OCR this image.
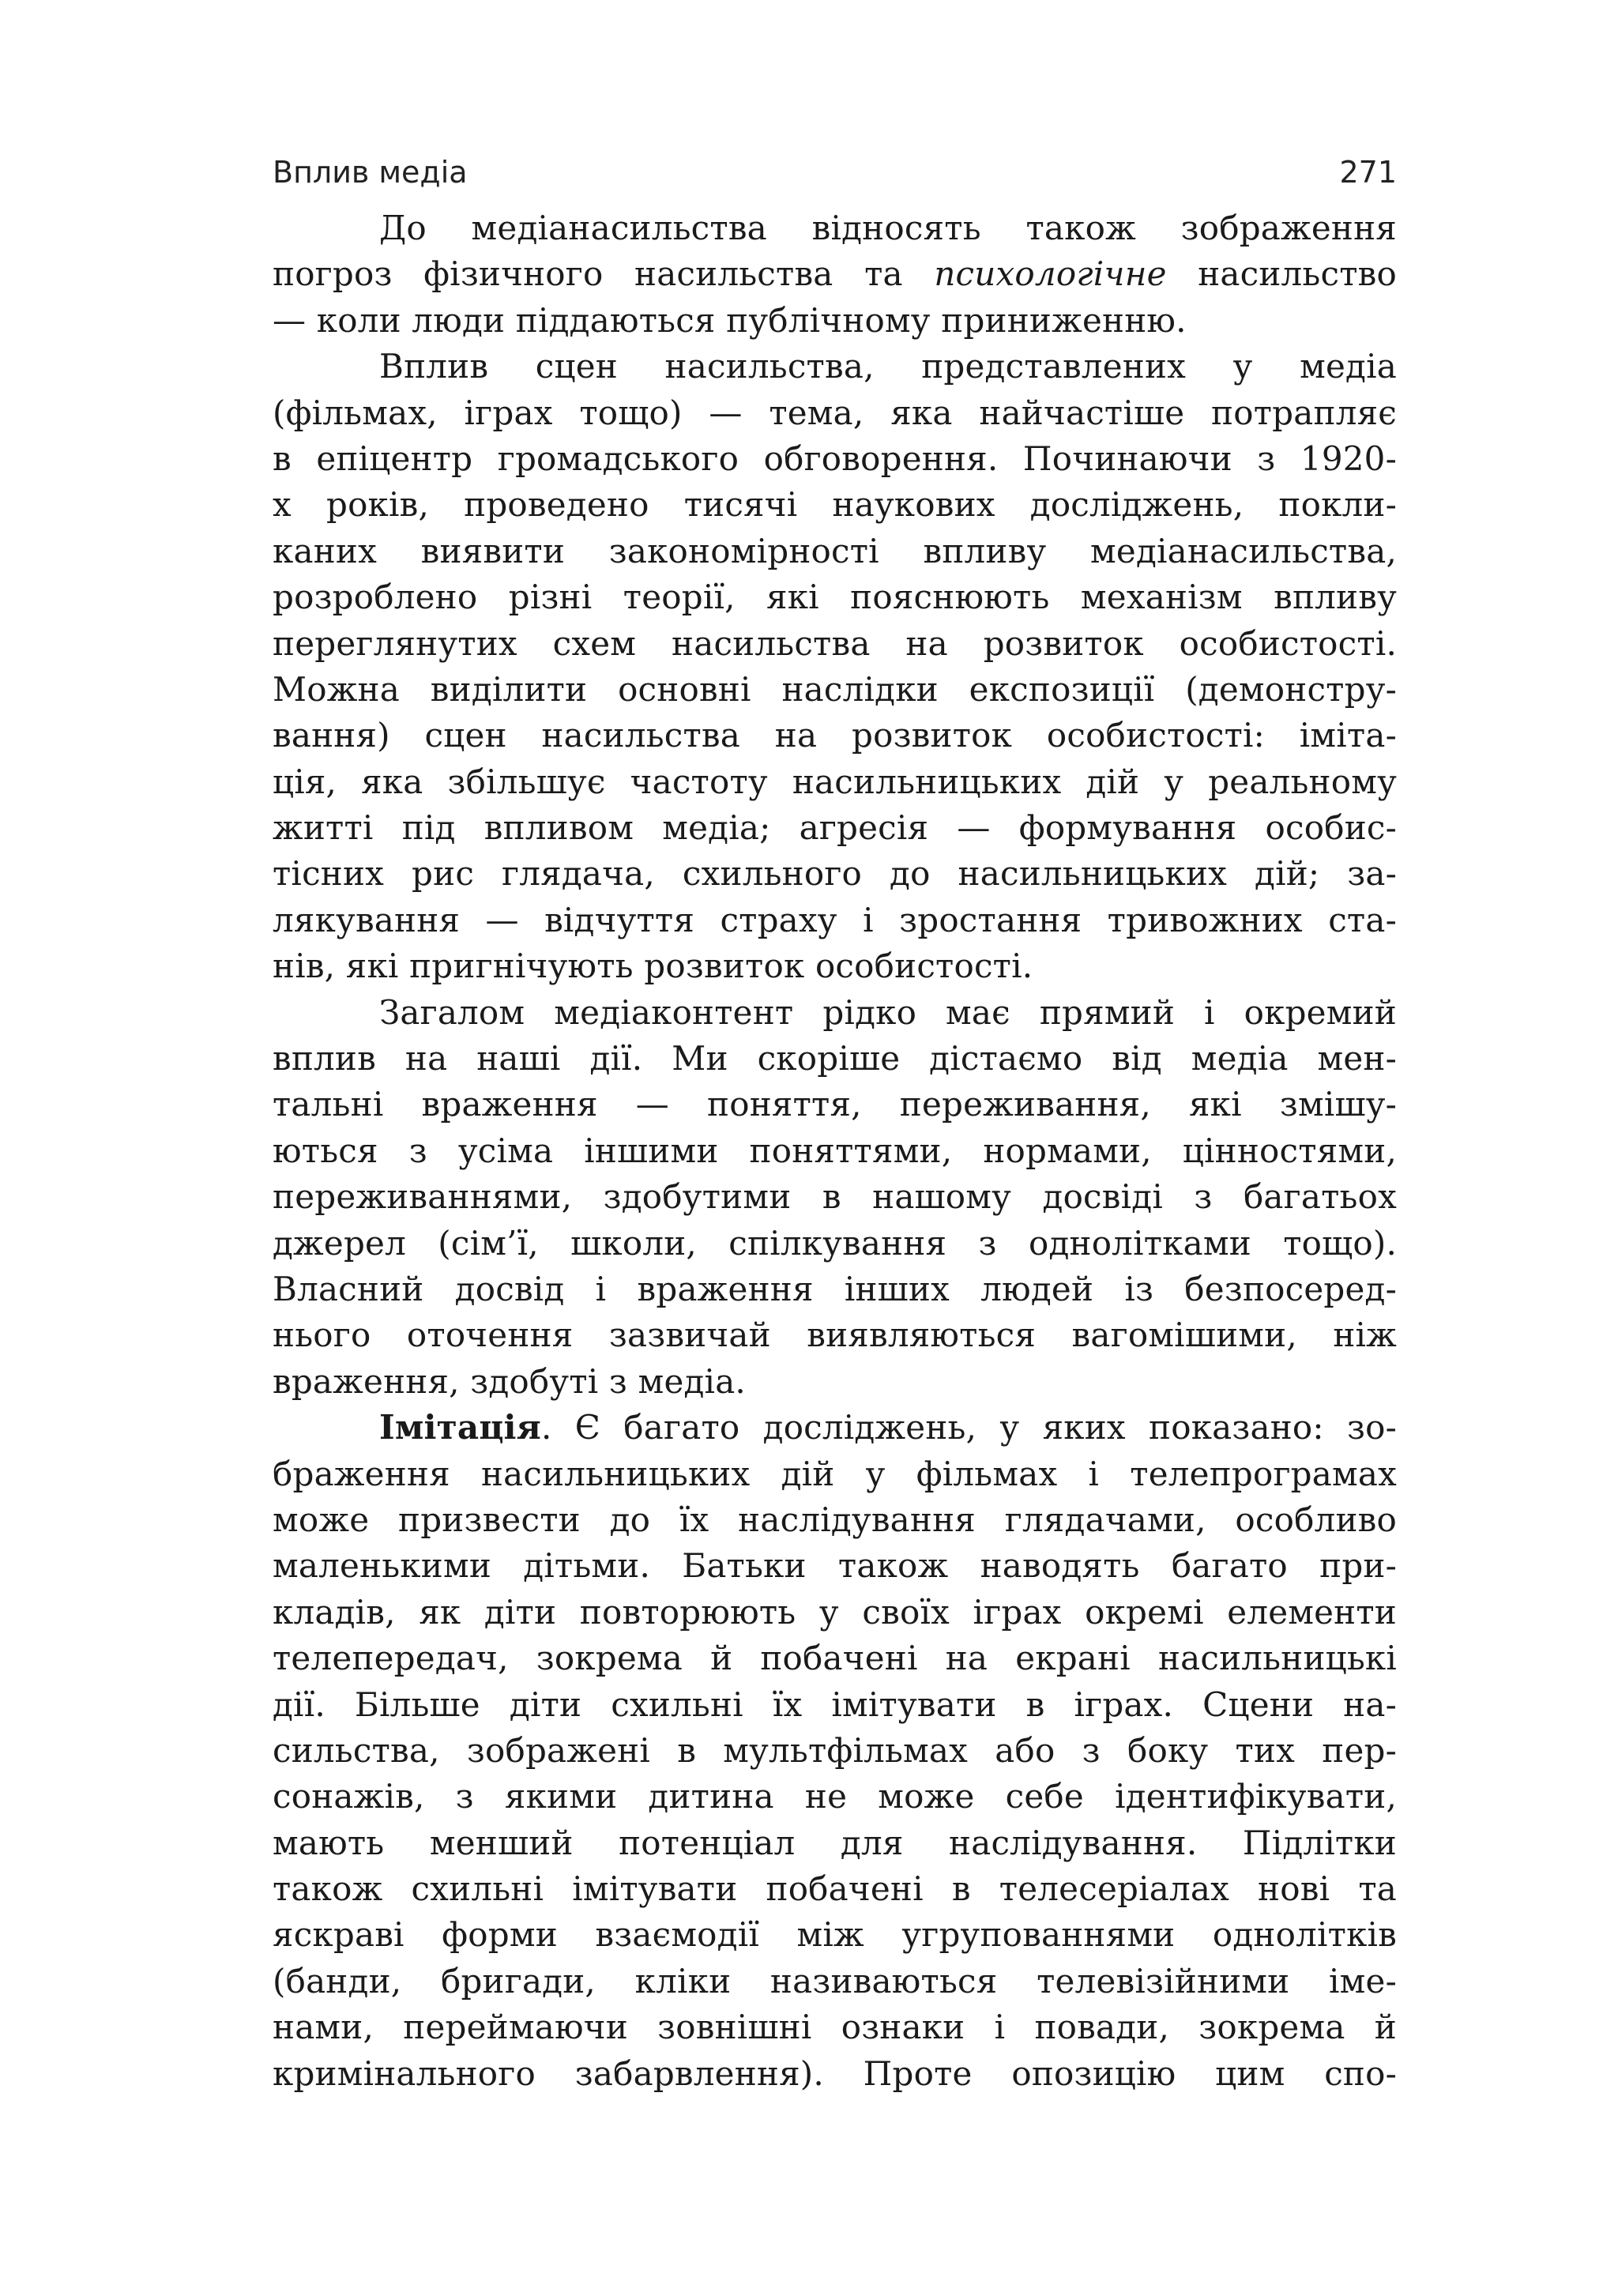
Вплив медіа	271
До медіанасильства відносять також зображення
погроз фізичного насильства та психологічне насильство
— коли люди піддаються публічному приниженню.
Вплив сцен насильства, представлених у медіа
(фільмах, іграх тощо) — тема, яка найчастіше потрапляє
в епіцентр громадського обговорення. Починаючи з 1920-
х років, проведено тисячі наукових досліджень, покли-
каних виявити закономірності впливу медіанасильства,
розроблено різні теорії, які пояснюють механізм впливу
переглянутих схем насильства на розвиток особистості.
Можна виділити основні наслідки експозиції (демонстру-
вання) сцен насильства на розвиток особистості: іміта-
ція, яка збільшує частоту насильницьких дій у реальному
житті під впливом медіа; агресія — формування особис-
тісних рис глядача, схильного до насильницьких дій; за-
лякування — відчуття страху і зростання тривожних ста-
нів, які пригнічують розвиток особистості.
Загалом медіаконтент рідко має прямий і окремий
вплив на наші дії. Ми скоріше дістаємо від медіа мен-
тальні враження — поняття, переживання, які змішу-
ються з усіма іншими поняттями, нормами, цінностями,
переживаннями, здобутими в нашому досвіді з багатьох
джерел (сім’ї, школи, спілкування з однолітками тощо).
Власний досвід і враження інших людей із безпосеред-
нього оточення зазвичай виявляються вагомішими, ніж
враження, здобуті з медіа.
Імітація. Є багато досліджень, у яких показано: зо-
браження насильницьких дій у фільмах і телепрограмах
може призвести до їх наслідування глядачами, особливо
маленькими дітьми. Батьки також наводять багато при-
кладів, як діти повторюють у своїх іграх окремі елементи
телепередач, зокрема й побачені на екрані насильницькі
дії. Більше діти схильні їх імітувати в іграх. Сцени на-
сильства, зображені в мультфільмах або з боку тих пер-
сонажів, з якими дитина не може себе ідентифікувати,
мають менший потенціал для наслідування. Підлітки
також схильні імітувати побачені в телесеріалах нові та
яскраві форми взаємодії між угрупованнями однолітків
(банди, бригади, кліки називаються телевізійними іме-
нами, переймаючи зовнішні ознаки і повади, зокрема й
кримінального забарвлення). Проте опозицію цим спо-
